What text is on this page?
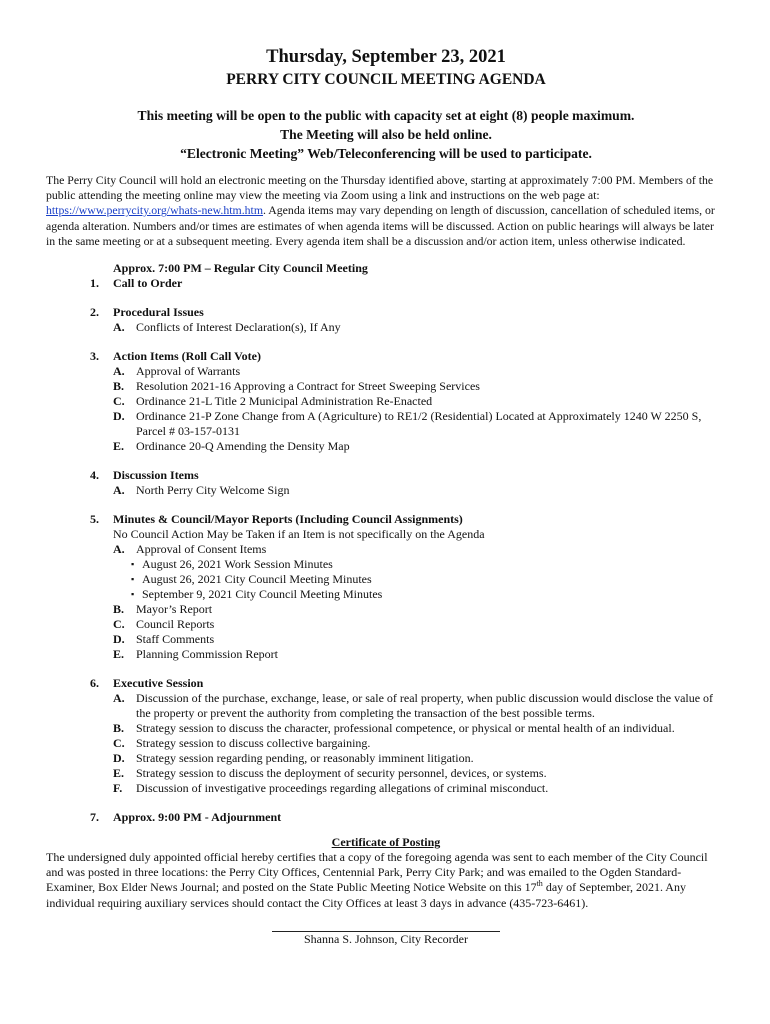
Thursday, September 23, 2021
PERRY CITY COUNCIL MEETING AGENDA
This meeting will be open to the public with capacity set at eight (8) people maximum.
The Meeting will also be held online.
“Electronic Meeting” Web/Teleconferencing will be used to participate.
The Perry City Council will hold an electronic meeting on the Thursday identified above, starting at approximately 7:00 PM. Members of the public attending the meeting online may view the meeting via Zoom using a link and instructions on the web page at: https://www.perrycity.org/whats-new.htm.htm. Agenda items may vary depending on length of discussion, cancellation of scheduled items, or agenda alteration. Numbers and/or times are estimates of when agenda items will be discussed. Action on public hearings will always be later in the same meeting or at a subsequent meeting. Every agenda item shall be a discussion and/or action item, unless otherwise indicated.
Approx. 7:00 PM – Regular City Council Meeting
1.	Call to Order
2.	Procedural Issues
A. Conflicts of Interest Declaration(s), If Any
3.	Action Items (Roll Call Vote)
A. Approval of Warrants
B. Resolution 2021-16 Approving a Contract for Street Sweeping Services
C. Ordinance 21-L Title 2 Municipal Administration Re-Enacted
D. Ordinance 21-P Zone Change from A (Agriculture) to RE1/2 (Residential) Located at Approximately 1240 W 2250 S, Parcel # 03-157-0131
E. Ordinance 20-Q Amending the Density Map
4.	Discussion Items
A. North Perry City Welcome Sign
5.	Minutes & Council/Mayor Reports (Including Council Assignments)
No Council Action May be Taken if an Item is not specifically on the Agenda
A. Approval of Consent Items
▪ August 26, 2021 Work Session Minutes
▪ August 26, 2021 City Council Meeting Minutes
▪ September 9, 2021 City Council Meeting Minutes
B. Mayor’s Report
C. Council Reports
D. Staff Comments
E. Planning Commission Report
6.	Executive Session
A. Discussion of the purchase, exchange, lease, or sale of real property, when public discussion would disclose the value of the property or prevent the authority from completing the transaction of the best possible terms.
B. Strategy session to discuss the character, professional competence, or physical or mental health of an individual.
C. Strategy session to discuss collective bargaining.
D. Strategy session regarding pending, or reasonably imminent litigation.
E. Strategy session to discuss the deployment of security personnel, devices, or systems.
F.	Discussion of investigative proceedings regarding allegations of criminal misconduct.
7.	Approx. 9:00 PM - Adjournment
Certificate of Posting
The undersigned duly appointed official hereby certifies that a copy of the foregoing agenda was sent to each member of the City Council and was posted in three locations: the Perry City Offices, Centennial Park, Perry City Park; and was emailed to the Ogden Standard-Examiner, Box Elder News Journal; and posted on the State Public Meeting Notice Website on this 17th day of September, 2021. Any individual requiring auxiliary services should contact the City Offices at least 3 days in advance (435-723-6461).
Shanna S. Johnson, City Recorder
